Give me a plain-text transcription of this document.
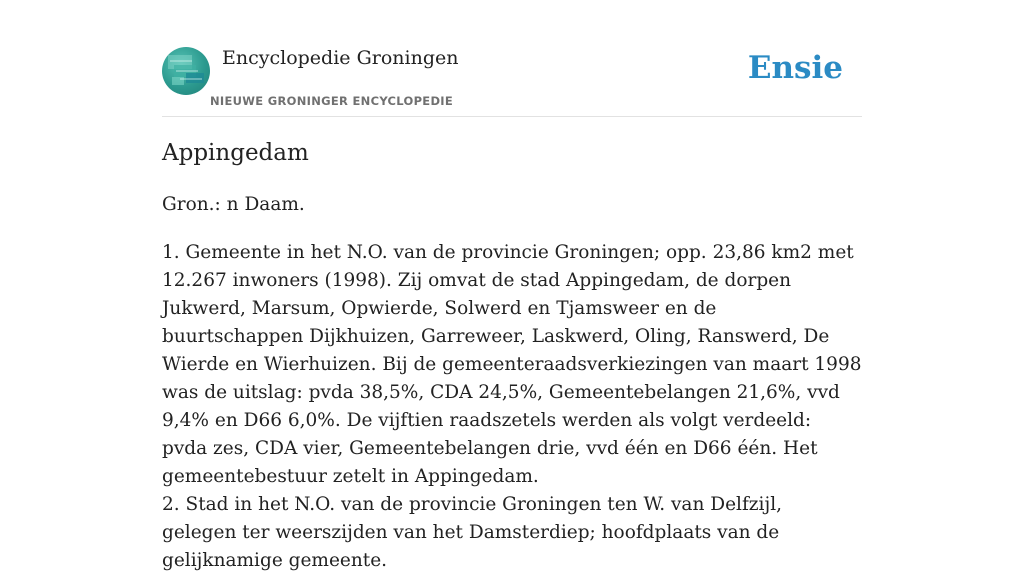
Encyclopedie Groningen
NIEUWE GRONINGER ENCYCLOPEDIE
Ensie
Appingedam

Gron.: n Daam.

1. Gemeente in het N.O. van de provincie Groningen; opp. 23,86 km2 met 12.267 inwoners (1998). Zij omvat de stad Appingedam, de dorpen Jukwerd, Marsum, Opwierde, Solwerd en Tjamsweer en de buurtschappen Dijkhuizen, Garreweer, Laskwerd, Oling, Ranswerd, De Wierde en Wierhuizen. Bij de gemeenteraadsverkiezingen van maart 1998 was de uitslag: pvda 38,5%, CDA 24,5%, Gemeentebelangen 21,6%, vvd 9,4% en D66 6,0%. De vijftien raadszetels werden als volgt verdeeld: pvda zes, CDA vier, Gemeentebelangen drie, vvd één en D66 één. Het gemeentebestuur zetelt in Appingedam.

2. Stad in het N.O. van de provincie Groningen ten W. van Delfzijl, gelegen ter weerszijden van het Damsterdiep; hoofdplaats van de gelijknamige gemeente.
